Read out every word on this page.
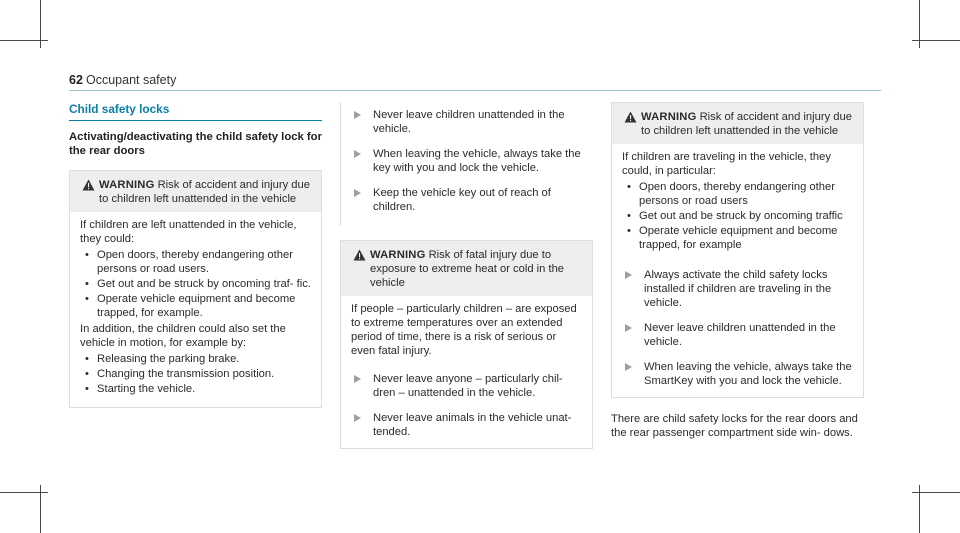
62 Occupant safety
Child safety locks
Activating/deactivating the child safety lock for the rear doors
WARNING Risk of accident and injury due to children left unattended in the vehicle

If children are left unattended in the vehicle, they could:

• Open doors, thereby endangering other persons or road users.
• Get out and be struck by oncoming traf- fic.
• Operate vehicle equipment and become trapped, for example.

In addition, the children could also set the vehicle in motion, for example by:

• Releasing the parking brake.
• Changing the transmission position.
• Starting the vehicle.
Never leave children unattended in the vehicle.
When leaving the vehicle, always take the key with you and lock the vehicle.
Keep the vehicle key out of reach of children.
WARNING Risk of fatal injury due to exposure to extreme heat or cold in the vehicle

If people – particularly children – are exposed to extreme temperatures over an extended period of time, there is a risk of serious or even fatal injury.

Never leave anyone – particularly chil- dren – unattended in the vehicle.
Never leave animals in the vehicle unat- tended.
WARNING Risk of accident and injury due to children left unattended in the vehicle

If children are traveling in the vehicle, they could, in particular:

• Open doors, thereby endangering other persons or road users
• Get out and be struck by oncoming traffic
• Operate vehicle equipment and become trapped, for example
Always activate the child safety locks installed if children are traveling in the vehicle.
Never leave children unattended in the vehicle.
When leaving the vehicle, always take the SmartKey with you and lock the vehicle.

There are child safety locks for the rear doors and the rear passenger compartment side win- dows.
